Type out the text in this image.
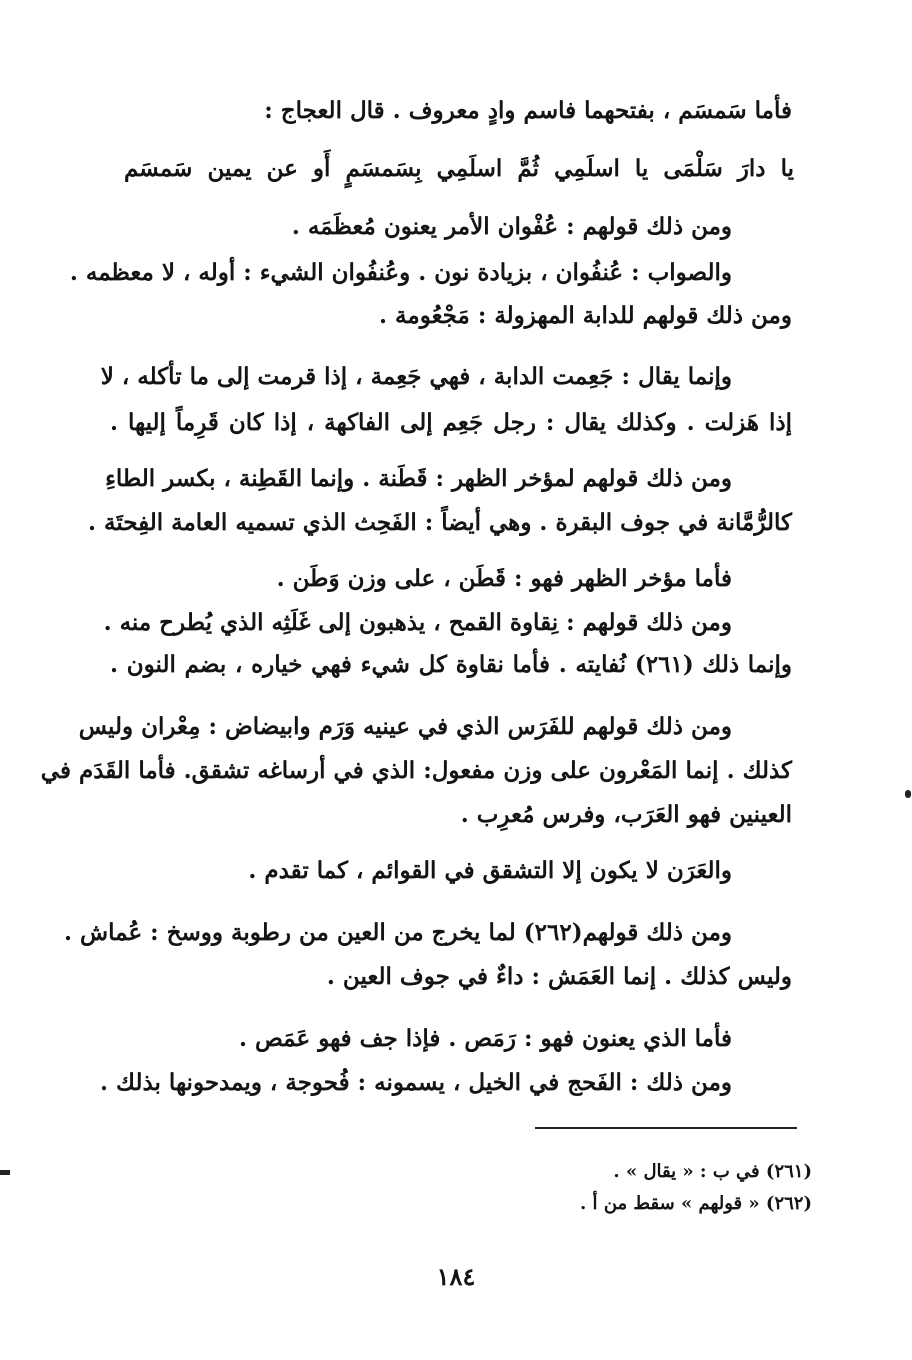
فأما سَمسَم ، بفتحهما فاسم وادٍ معروف . قال العجاج :
يا دارَ سَلْمَى يا اسلَمِي ثُمَّ اسلَمِي بِسَمسَمٍ أَو عن يمين سَمسَم
ومن ذلك قولهم : عُفْوان الأمر يعنون مُعظَمَه .
والصواب : عُنفُوان ، بزيادة نون . وعُنفُوان الشيء : أوله ، لا معظمه .
ومن ذلك قولهم للدابة المهزولة : مَجْعُومة .
وإنما يقال : جَعِمت الدابة ، فهي جَعِمة ، إذا قرمت إلى ما تأكله ، لا
إذا هَزلت . وكذلك يقال : رجل جَعِم إلى الفاكهة ، إذا كان قَرِماً إليها .
ومن ذلك قولهم لمؤخر الظهر : قَطَنة . وإنما القَطِنة ، بكسر الطاءِ
كالرُّمَّانة في جوف البقرة . وهي أيضاً : الفَحِث الذي تسميه العامة الفِحتَة .
فأما مؤخر الظهر فهو : قَطَن ، على وزن وَطَن .
ومن ذلك قولهم : نِقاوة القمح ، يذهبون إلى غَلَثِه الذي يُطرح منه .
وإنما ذلك (٢٦١) نُفايته . فأما نقاوة كل شيء فهي خياره ، بضم النون .
ومن ذلك قولهم للفَرَس الذي في عينيه وَرَم وابيضاض : مِعْران وليس
كذلك . إنما المَعْرون على وزن مفعول: الذي في أرساغه تشقق. فأما القَدَم في
العينين فهو العَرَب، وفرس مُعرِب .
والعَرَن لا يكون إلا التشقق في القوائم ، كما تقدم .
ومن ذلك قولهم(٢٦٢) لما يخرج من العين من رطوبة ووسخ : عُماش .
وليس كذلك . إنما العَمَش : داءٌ في جوف العين .
فأما الذي يعنون فهو : رَمَص . فإذا جف فهو عَمَص .
ومن ذلك : الفَحج في الخيل ، يسمونه : فُحوجة ، ويمدحونها بذلك .
(٢٦١) في ب : « يقال » .
(٢٦٢) « قولهم » سقط من أ .
١٨٤
